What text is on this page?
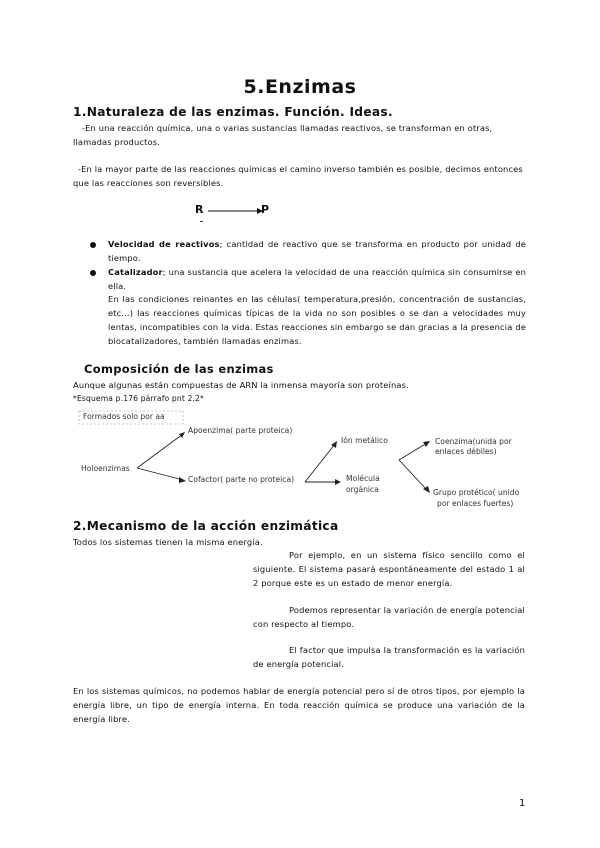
5.Enzimas
1.Naturaleza de las enzimas. Función. Ideas.

-En una reacción química, una o varias sustancias llamadas reactivos, se transforman en otras, llamadas productos.

-En la mayor parte de las reacciones químicas el camino inverso también es posible, decimos entonces que las reacciones son reversibles.

R	P

Velocidad de reactivos; cantidad de reactivo que se transforma en producto por unidad de tiempo.

Catalizador; una sustancia que acelera la velocidad de una reacción química sin consumirse en ella.

En las condiciones reinantes en las células( temperatura,presión, concentración de sustancias, etc...) las reacciones químicas típicas de la vida no son posibles o se dan a velocidades muy lentas, incompatibles con la vida. Estas reacciones sin embargo se dan gracias a la presencia de biocatalizadores, también llamadas enzimas.

Composición de las enzimas

Aunque algunas están compuestas de ARN la inmensa mayoría son proteínas.

*Esquema p.176 párrafo pnt 2.2*

Formados solo por aa
Holoenzimas
Apoenzima( parte proteica)
Cofactor( parte no proteica)
Ión metálico
Molécula
orgánica
Coenzima(unida por
enlaces débiles)
Grupo protético( unido
por enlaces fuertes)
2.Mecanismo de la acción enzimática

Todos los sistemas tienen la misma energía.

Por ejemplo, en un sistema físico sencillo como el siguiente. El sistema pasará espontáneamente del estado 1 al 2 porque este es un estado de menor energía.

Podemos representar la variación de energía potencial con respecto al tiempo.

El factor que impulsa la transformación es la variación de energía potencial.

En los sistemas químicos, no podemos hablar de energía potencial pero sí de otros tipos, por ejemplo la energía libre, un tipo de energía interna. En toda reacción química se produce una variación de la energía libre.

1
